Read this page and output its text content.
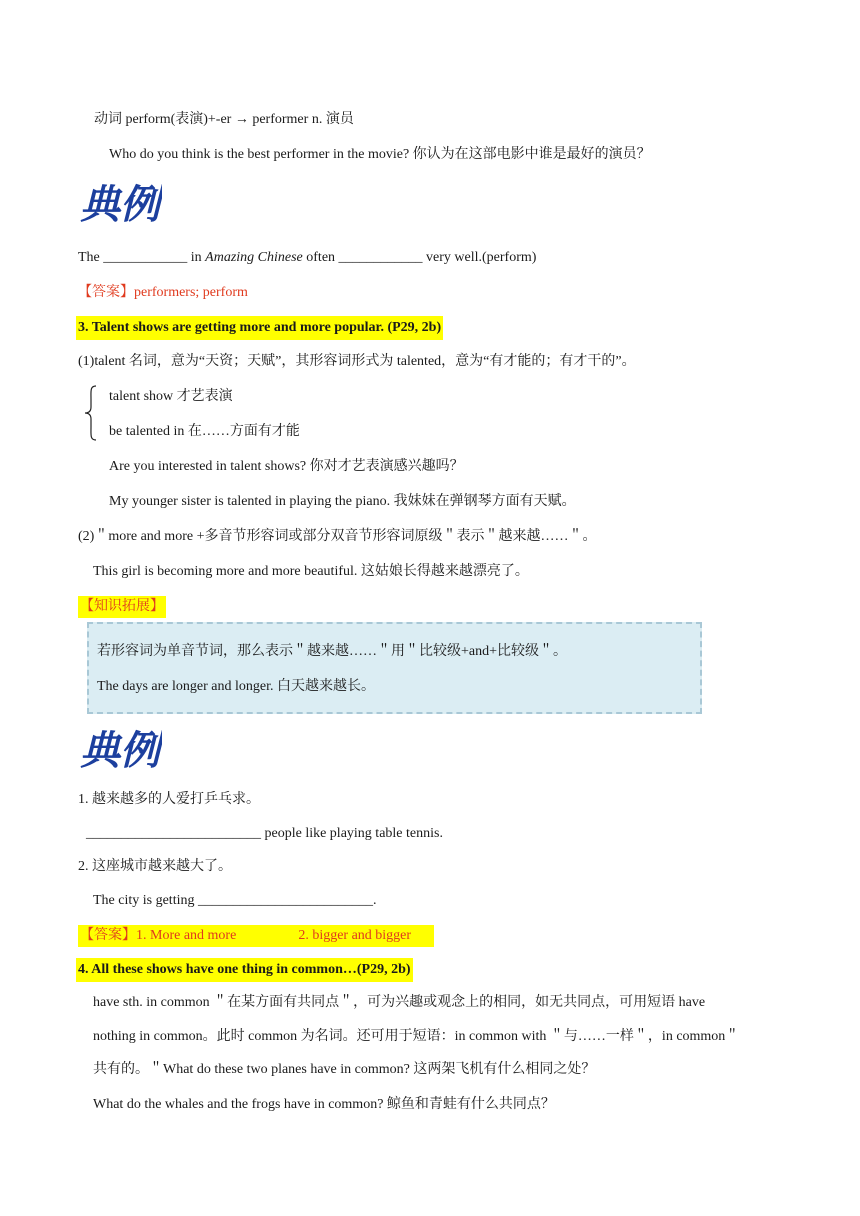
动词 perform(表演)+-er → performer n. 演员
Who do you think is the best performer in the movie? 你认为在这部电影中谁是最好的演员？
典例
The ____________ in Amazing Chinese often ____________ very well.(perform)
【答案】performers; perform
3. Talent shows are getting more and more popular. (P29, 2b)
(1)talent 名词，意为“天资；天赋”，其形容词形式为 talented，意为“有才能的；有才干的”。
talent show 才艺表演
be talented in 在……方面有才能
Are you interested in talent shows? 你对才艺表演感兴趣吗？
My younger sister is talented in playing the piano. 我妹妹在弹钢琴方面有天赋。
(2)＂more and more +多音节形容词或部分双音节形容词原级＂表示＂越来越……＂。
This girl is becoming more and more beautiful. 这姑娘长得越来越漂亮了。
【知识拓展】
若形容词为单音节词，那么表示＂越来越……＂用＂比较级+and+比较级＂。
The days are longer and longer. 白天越来越长。
典例
1. 越来越多的人爱打乒乓求。
_________________________ people like playing table tennis.
2. 这座城市越来越大了。
The city is getting _________________________.
【答案】1. More and more	2. bigger and bigger
4. All these shows have one thing in common…(P29, 2b)
have sth. in common ＂在某方面有共同点＂，可为兴趣或观念上的相同，如无共同点，可用短语 have
nothing in common。此时 common 为名词。还可用于短语：in common with ＂与……一样＂，in common＂
共有的。＂What do these two planes have in common? 这两架飞机有什么相同之处？
What do the whales and the frogs have in common? 鲸鱼和青蛙有什么共同点？
